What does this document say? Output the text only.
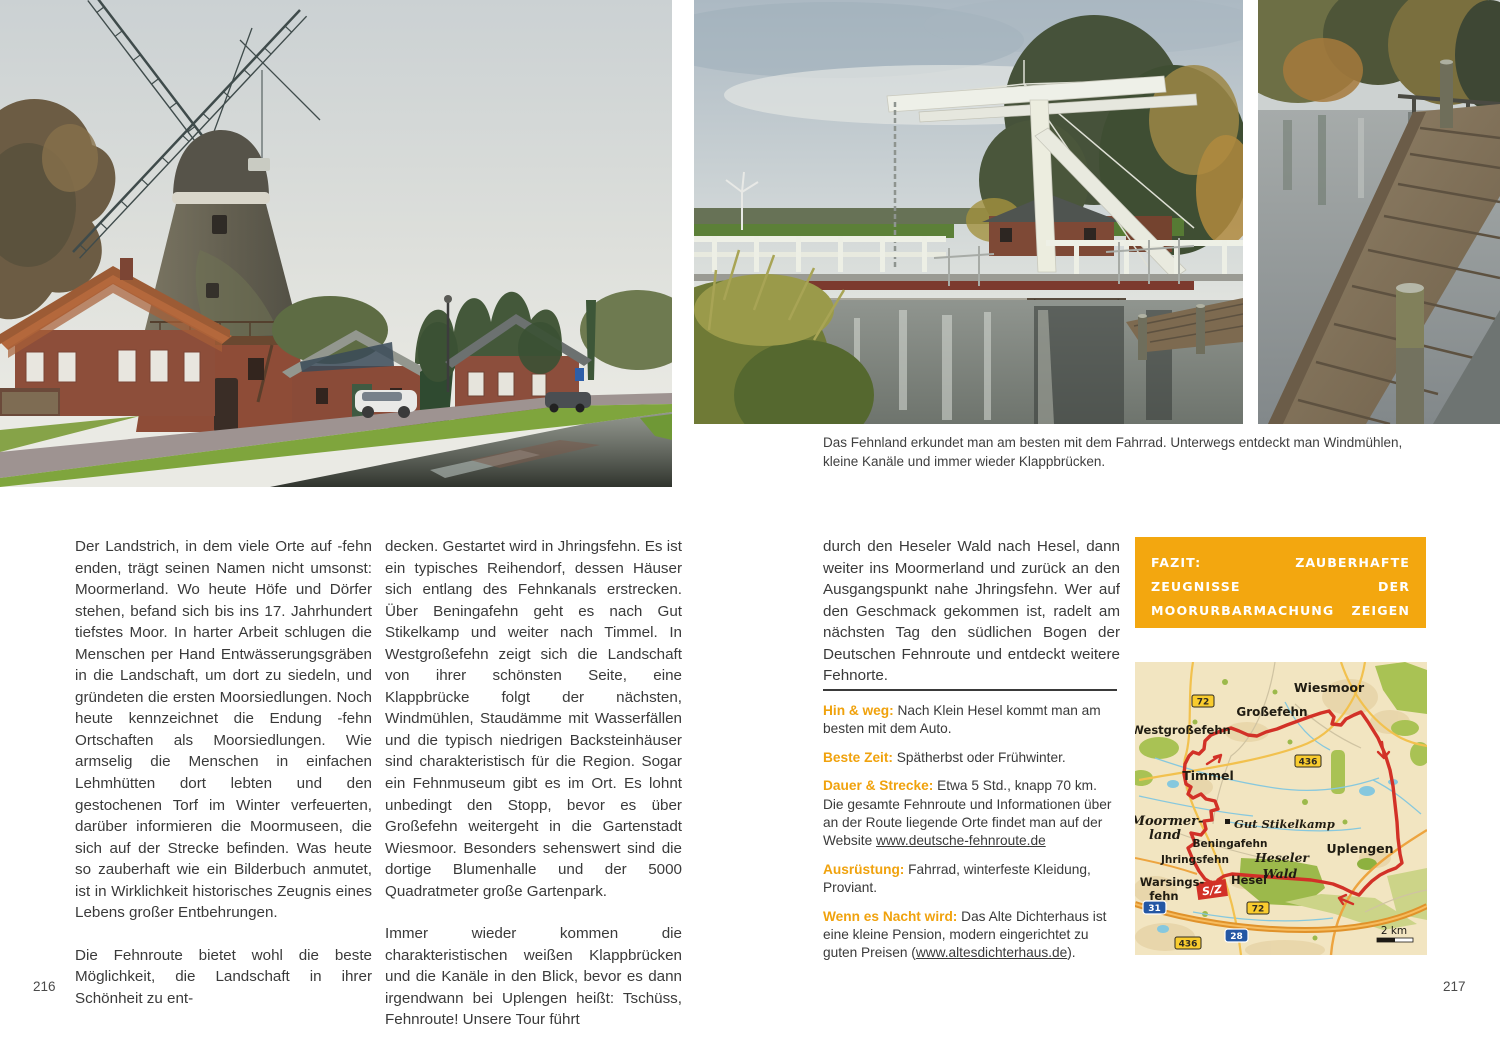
Das Fehnland erkundet man am besten mit dem Fahrrad. Unterwegs entdeckt man Windmühlen, kleine Kanäle und immer wieder Klappbrücken.

Der Landstrich, in dem viele Orte auf -fehn enden, trägt seinen Namen nicht umsonst: Moormerland. Wo heute Höfe und Dörfer stehen, befand sich bis ins 17. Jahrhundert tiefstes Moor. In harter Arbeit schlugen die Menschen per Hand Entwässerungsgräben in die Landschaft, um dort zu siedeln, und gründeten die ersten Moorsiedlungen. Noch heute kennzeichnet die Endung -fehn Ortschaften als Moorsiedlungen. Wie armselig die Menschen in einfachen Lehmhütten dort lebten und den gestochenen Torf im Winter verfeuerten, darüber informieren die Moormuseen, die sich auf der Strecke befinden. Was heute so zauberhaft wie ein Bilderbuch anmutet, ist in Wirklichkeit historisches Zeugnis eines Lebens großer Entbehrungen.

Die Fehnroute bietet wohl die beste Möglichkeit, die Landschaft in ihrer Schönheit zu ent-

decken. Gestartet wird in Jhringsfehn. Es ist ein typisches Reihendorf, dessen Häuser sich entlang des Fehnkanals erstrecken. Über Beningafehn geht es nach Gut Stikelkamp und weiter nach Timmel. In Westgroßefehn zeigt sich die Landschaft von ihrer schönsten Seite, eine Klappbrücke folgt der nächsten, Windmühlen, Staudämme mit Wasserfällen und die typisch niedrigen Backsteinhäuser sind charakteristisch für die Region. Sogar ein Fehnmuseum gibt es im Ort. Es lohnt unbedingt den Stopp, bevor es über Großefehn weitergeht in die Gartenstadt Wiesmoor. Besonders sehenswert sind die dortige Blumenhalle und der 5000 Quadratmeter große Gartenpark.

Immer wieder kommen die charakteristischen weißen Klappbrücken und die Kanäle in den Blick, bevor es dann irgendwann bei Uplengen heißt: Tschüss, Fehnroute! Unsere Tour führt

durch den Heseler Wald nach Hesel, dann weiter ins Moormerland und zurück an den Ausgangspunkt nahe Jhringsfehn. Wer auf den Geschmack gekommen ist, radelt am nächsten Tag den südlichen Bogen der Deutschen Fehnroute und entdeckt weitere Fehnorte.

Hin & weg: Nach Klein Hesel kommt man am besten mit dem Auto.
Beste Zeit: Spätherbst oder Frühwinter.
Dauer & Strecke: Etwa 5 Std., knapp 70 km. Die gesamte Fehnroute und Informationen über an der Route liegende Orte findet man auf der Website www.deutsche-fehnroute.de
Ausrüstung: Fahrrad, winterfeste Kleidung, Proviant.
Wenn es Nacht wird: Das Alte Dichterhaus ist eine kleine Pension, modern eingerichtet zu guten Preisen (www.altesdichterhaus.de).
FAZIT: ZAUBERHAFTE ZEUGNISSE DER MOORURBARMACHUNG ZEIGEN SICH AUF DIESER RADTOUR.
72
436
72
436
31
28
S/Z
Wiesmoor
Großefehn
Westgroßefehn
Timmel
Uplengen
Hesel
Beningafehn
Jhringsfehn
Warsings-
fehn
Moormer-
land
Gut Stikelkamp
Heseler
Wald
2 km
216	217
